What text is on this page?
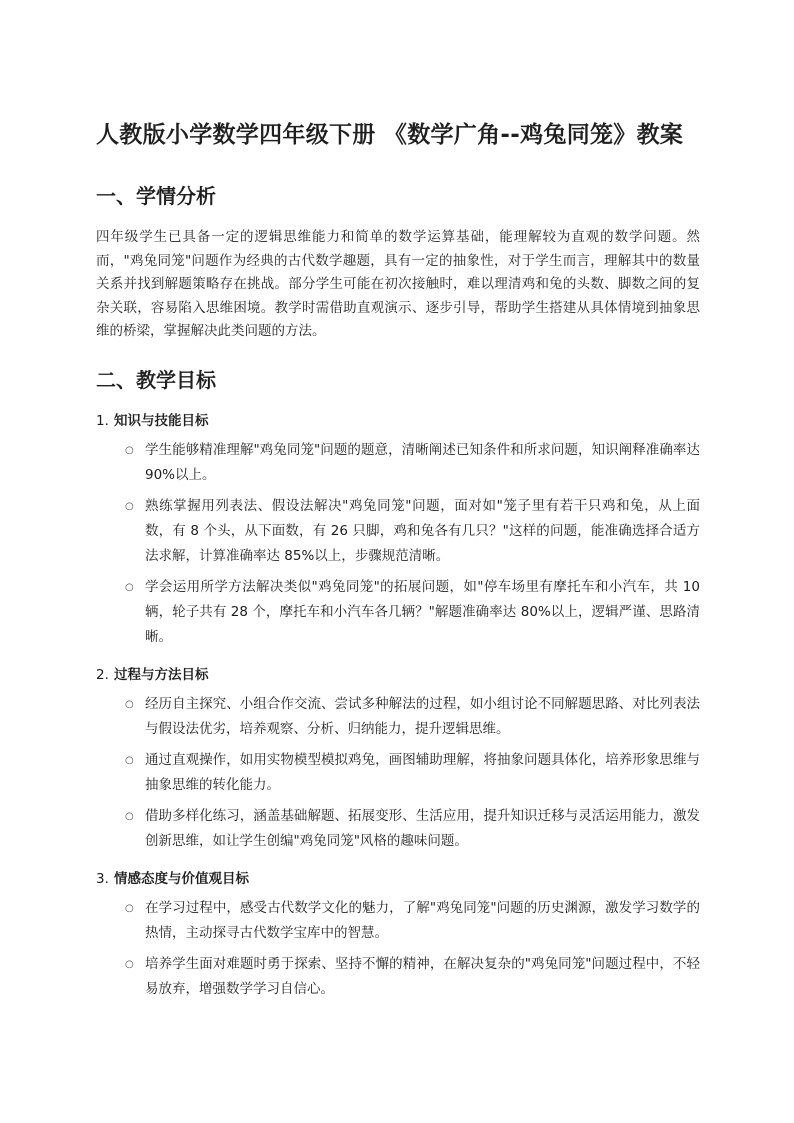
人教版小学数学四年级下册 《数学广角--鸡兔同笼》教案
一、学情分析

四年级学生已具备一定的逻辑思维能力和简单的数学运算基础，能理解较为直观的数学问题。然而，"鸡兔同笼"问题作为经典的古代数学趣题，具有一定的抽象性，对于学生而言，理解其中的数量关系并找到解题策略存在挑战。部分学生可能在初次接触时，难以理清鸡和兔的头数、脚数之间的复杂关联，容易陷入思维困境。教学时需借助直观演示、逐步引导，帮助学生搭建从具体情境到抽象思维的桥梁，掌握解决此类问题的方法。

二、教学目标
1. 知识与技能目标
○ 学生能够精准理解"鸡兔同笼"问题的题意，清晰阐述已知条件和所求问题，知识阐释准确率达 90%以上。
○ 熟练掌握用列表法、假设法解决"鸡兔同笼"问题，面对如"笼子里有若干只鸡和兔，从上面数，有 8 个头，从下面数，有 26 只脚，鸡和兔各有几只？"这样的问题，能准确选择合适方法求解，计算准确率达 85%以上，步骤规范清晰。
○ 学会运用所学方法解决类似"鸡兔同笼"的拓展问题，如"停车场里有摩托车和小汽车，共 10 辆，轮子共有 28 个，摩托车和小汽车各几辆？"解题准确率达 80%以上，逻辑严谨、思路清晰。
2. 过程与方法目标
○ 经历自主探究、小组合作交流、尝试多种解法的过程，如小组讨论不同解题思路、对比列表法与假设法优劣，培养观察、分析、归纳能力，提升逻辑思维。
○ 通过直观操作，如用实物模型模拟鸡兔，画图辅助理解，将抽象问题具体化，培养形象思维与抽象思维的转化能力。
○ 借助多样化练习，涵盖基础解题、拓展变形、生活应用，提升知识迁移与灵活运用能力，激发创新思维，如让学生创编"鸡兔同笼"风格的趣味问题。
3. 情感态度与价值观目标
○ 在学习过程中，感受古代数学文化的魅力，了解"鸡兔同笼"问题的历史渊源，激发学习数学的热情，主动探寻古代数学宝库中的智慧。
○ 培养学生面对难题时勇于探索、坚持不懈的精神，在解决复杂的"鸡兔同笼"问题过程中，不轻易放弃，增强数学学习自信心。
